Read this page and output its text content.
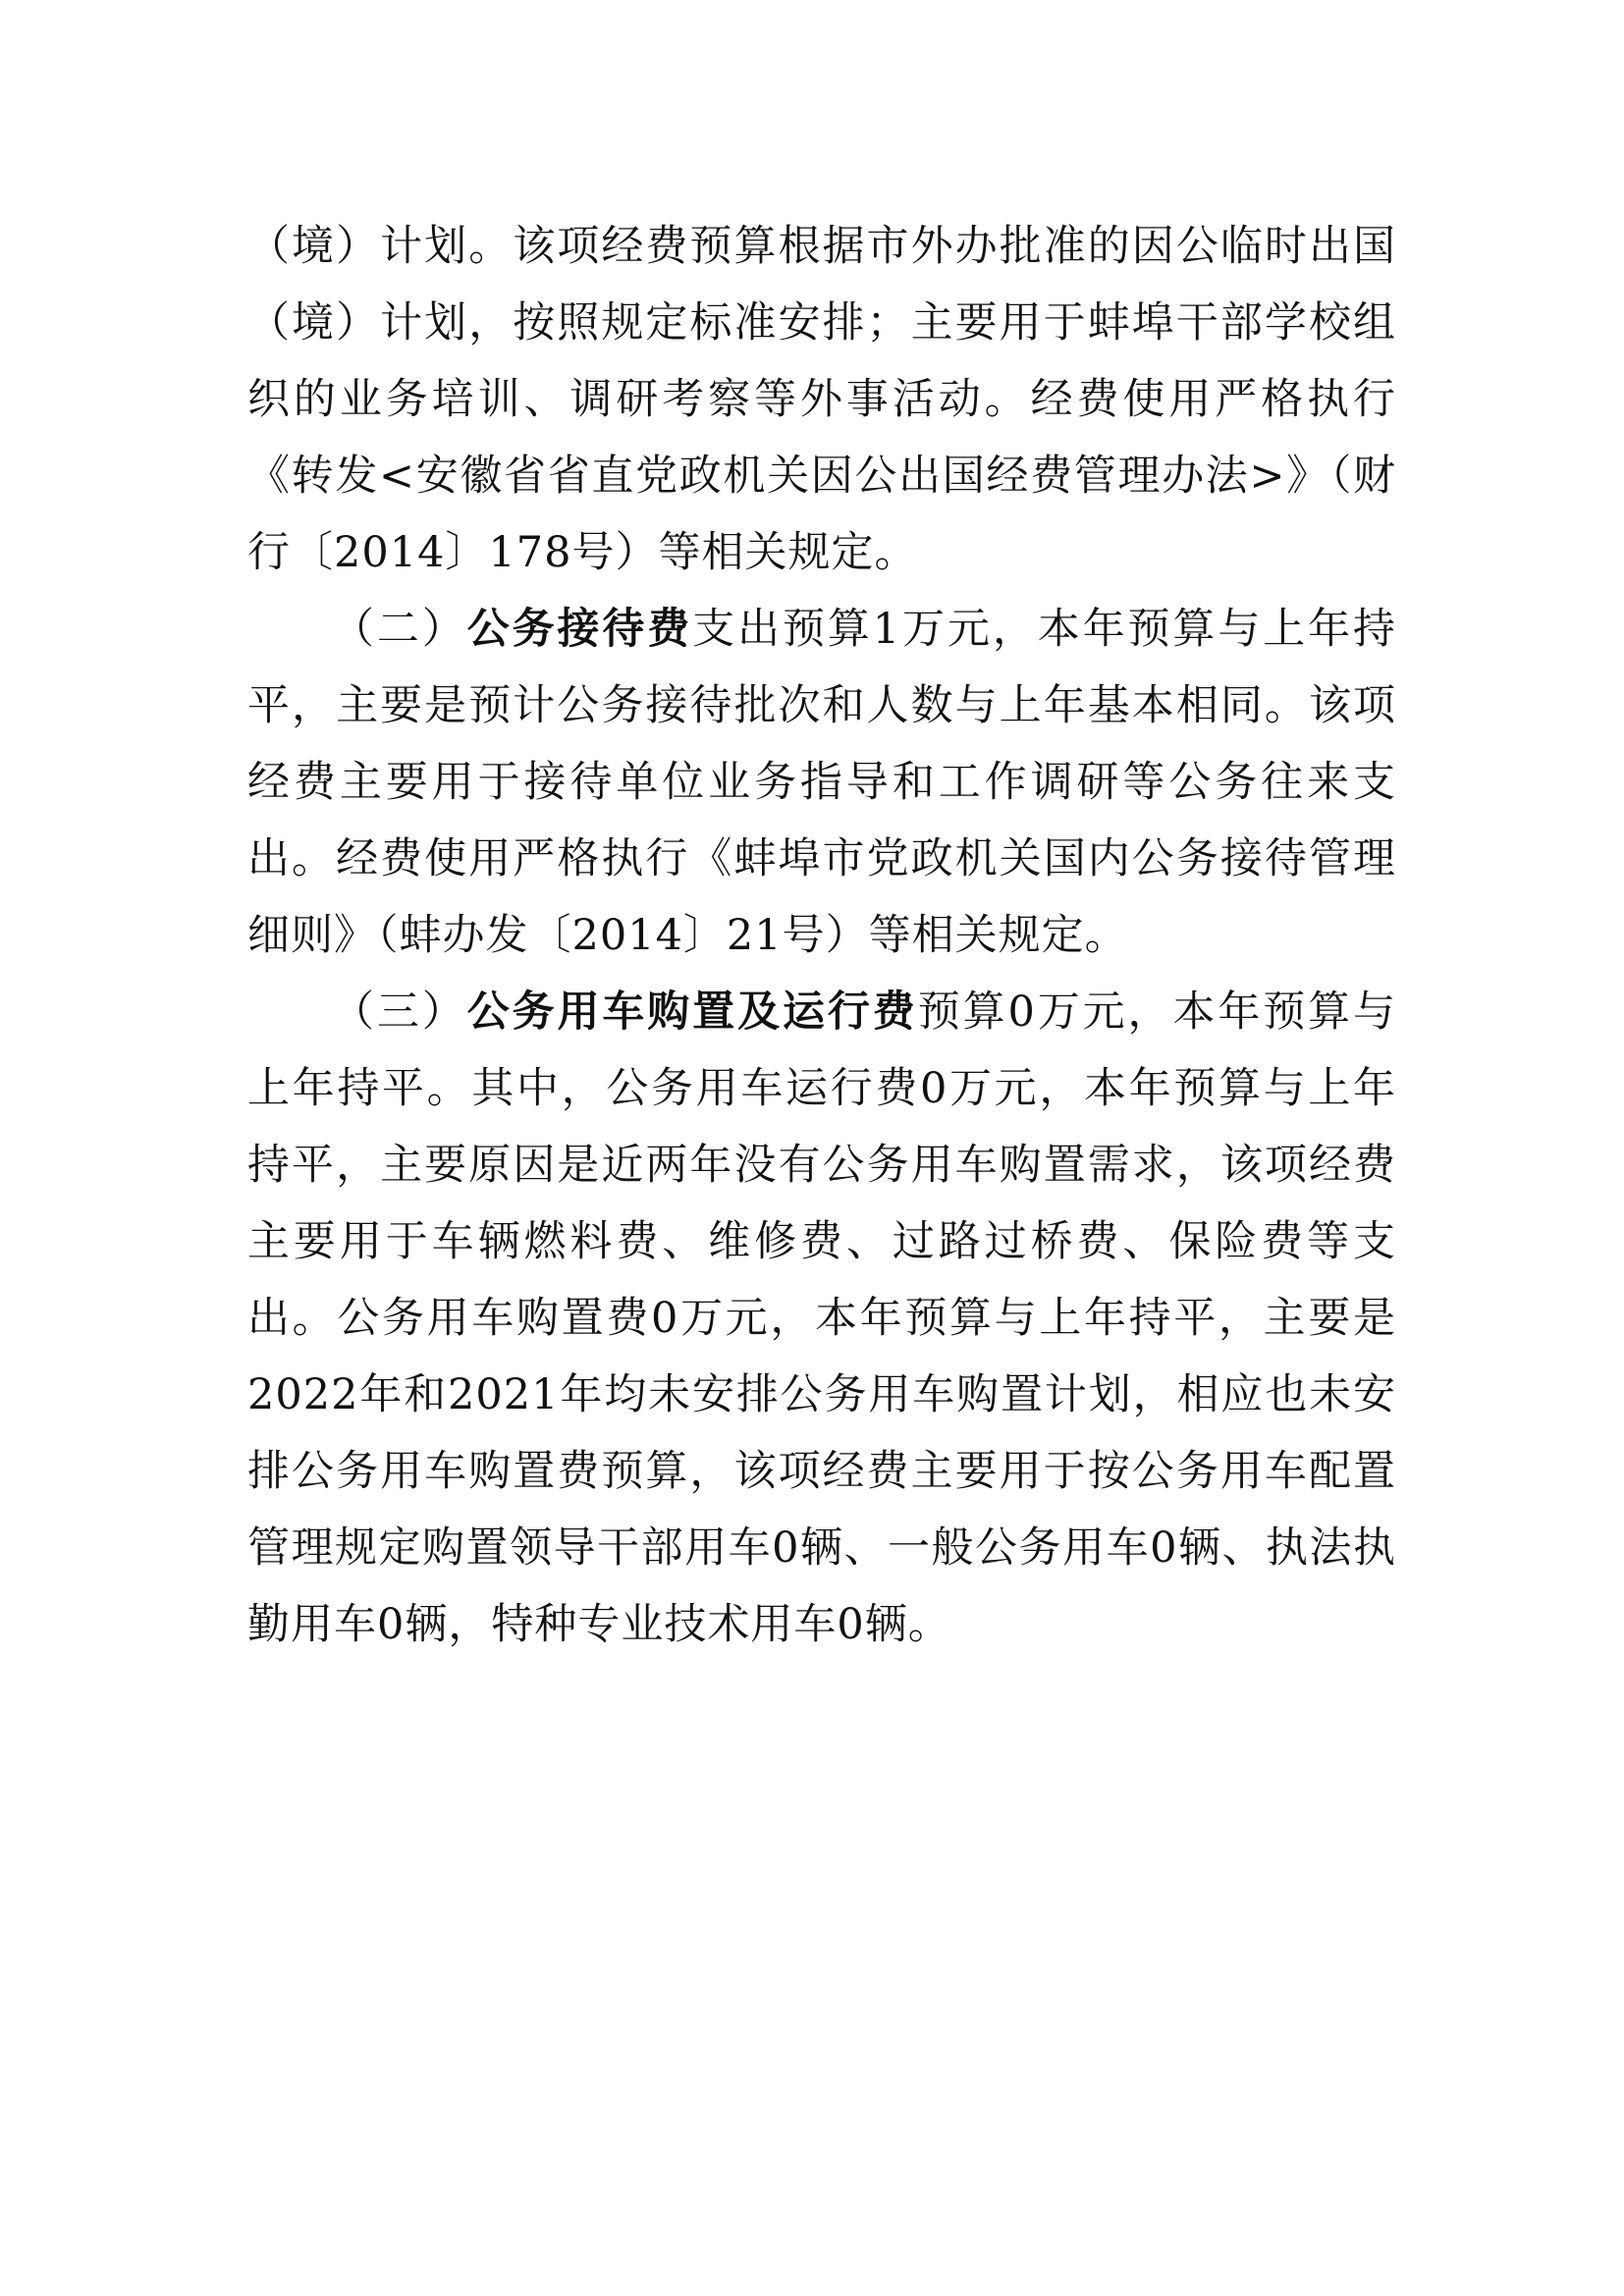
（境）计划。该项经费预算根据市外办批准的因公临时出国（境）计划，按照规定标准安排；主要用于蚌埠干部学校组织的业务培训、调研考察等外事活动。经费使用严格执行《转发<安徽省省直党政机关因公出国经费管理办法>》（财行〔2014〕178号）等相关规定。

（二）公务接待费支出预算1万元，本年预算与上年持平，主要是预计公务接待批次和人数与上年基本相同。该项经费主要用于接待单位业务指导和工作调研等公务往来支出。经费使用严格执行《蚌埠市党政机关国内公务接待管理细则》（蚌办发〔2014〕21号）等相关规定。

（三）公务用车购置及运行费预算0万元，本年预算与上年持平。其中，公务用车运行费0万元，本年预算与上年持平，主要原因是近两年没有公务用车购置需求，该项经费主要用于车辆燃料费、维修费、过路过桥费、保险费等支出。公务用车购置费0万元，本年预算与上年持平，主要是2022年和2021年均未安排公务用车购置计划，相应也未安排公务用车购置费预算，该项经费主要用于按公务用车配置管理规定购置领导干部用车0辆、一般公务用车0辆、执法执勤用车0辆，特种专业技术用车0辆。
